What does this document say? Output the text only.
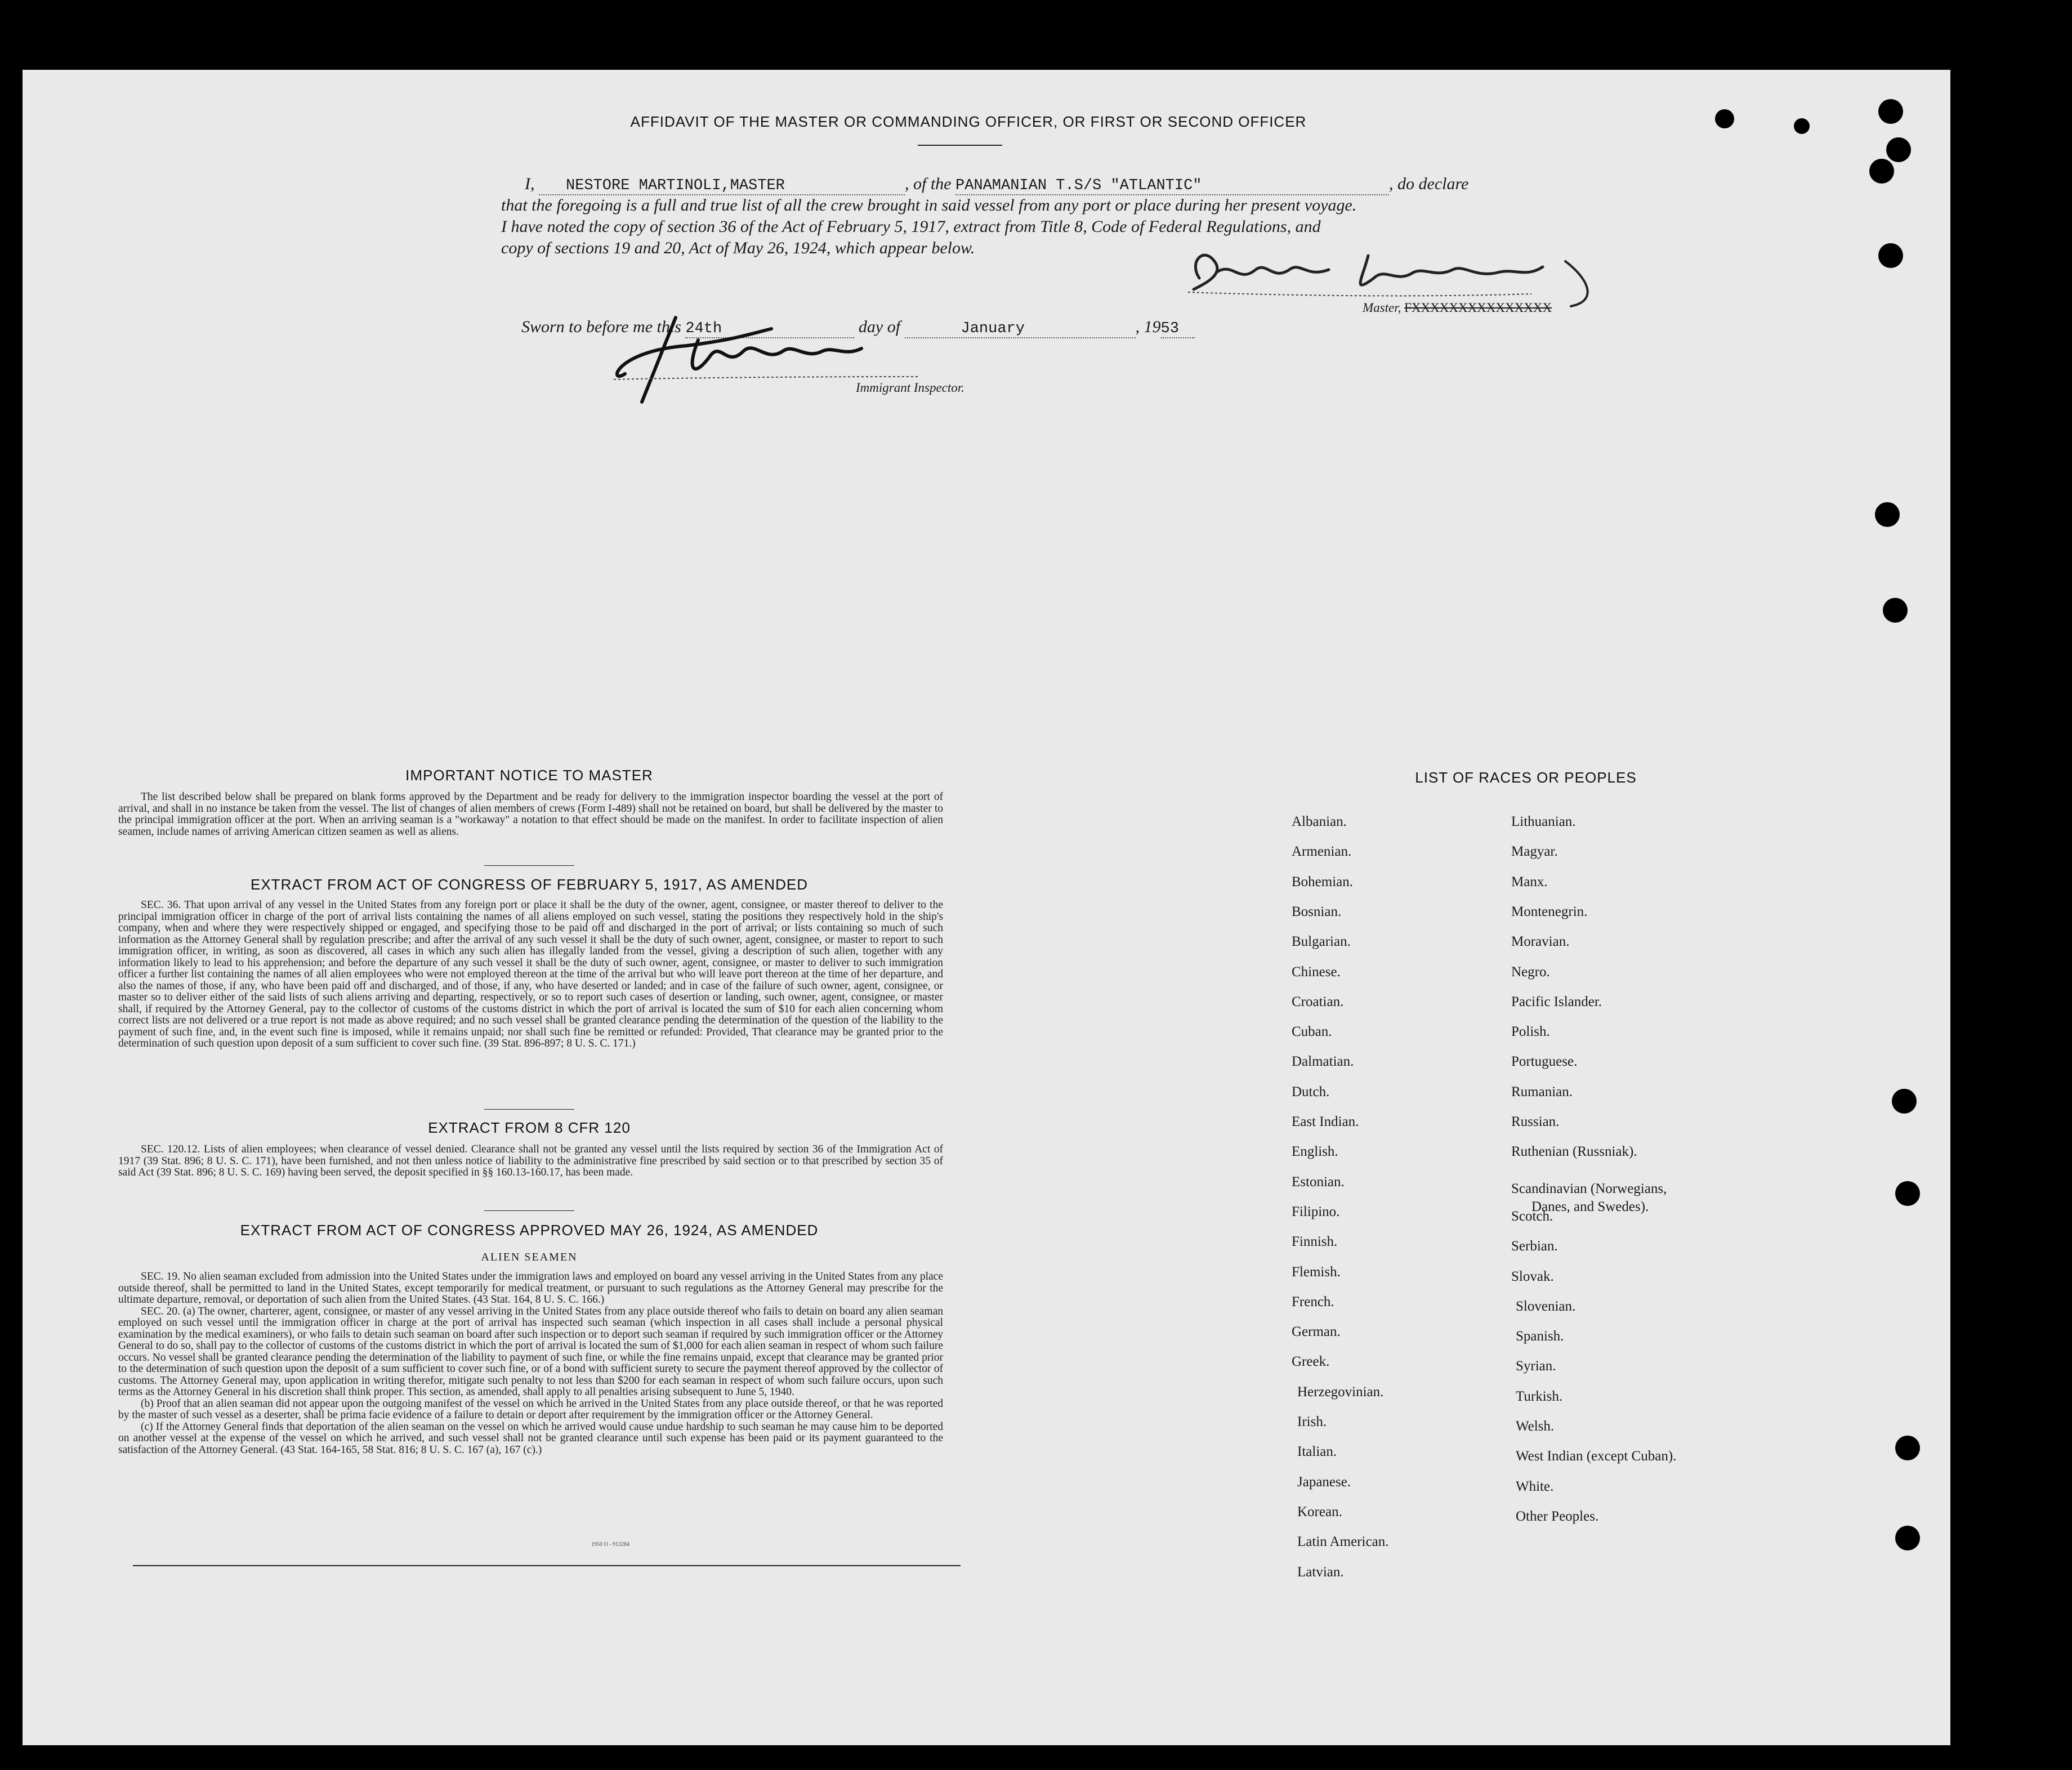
AFFIDAVIT OF THE MASTER OR COMMANDING OFFICER, OR FIRST OR SECOND OFFICER
I, NESTORE MARTINOLI,MASTER	, of the PANAMANIAN T.S/S "ATLANTIC"	, do declare
that the foregoing is a full and true list of all the crew brought in said vessel from any port or place during her present voyage.
I have noted the copy of section 36 of the Act of February 5, 1917, extract from Title 8, Code of Federal Regulations, and
copy of sections 19 and 20, Act of May 26, 1924, which appear below.
Master, FXXXXXXXXXXXXXXX
Sworn to before me this 24th	day of	January	, 1953
Immigrant Inspector.
IMPORTANT NOTICE TO MASTER
The list described below shall be prepared on blank forms approved by the Department and be ready for delivery to the immigration inspector boarding the vessel at the port of arrival, and shall in no instance be taken from the vessel. The list of changes of alien members of crews (Form I-489) shall not be retained on board, but shall be delivered by the master to the principal immigration officer at the port. When an arriving seaman is a "workaway" a notation to that effect should be made on the manifest. In order to facilitate inspection of alien seamen, include names of arriving American citizen seamen as well as aliens.
EXTRACT FROM ACT OF CONGRESS OF FEBRUARY 5, 1917, AS AMENDED
SEC. 36. That upon arrival of any vessel in the United States from any foreign port or place it shall be the duty of the owner, agent, consignee, or master thereof to deliver to the principal immigration officer in charge of the port of arrival lists containing the names of all aliens employed on such vessel, stating the positions they respectively hold in the ship's company, when and where they were respectively shipped or engaged, and specifying those to be paid off and discharged in the port of arrival; or lists containing so much of such information as the Attorney General shall by regulation prescribe; and after the arrival of any such vessel it shall be the duty of such owner, agent, consignee, or master to report to such immigration officer, in writing, as soon as discovered, all cases in which any such alien has illegally landed from the vessel, giving a description of such alien, together with any information likely to lead to his apprehension; and before the departure of any such vessel it shall be the duty of such owner, agent, consignee, or master to deliver to such immigration officer a further list containing the names of all alien employees who were not employed thereon at the time of the arrival but who will leave port thereon at the time of her departure, and also the names of those, if any, who have been paid off and discharged, and of those, if any, who have deserted or landed; and in case of the failure of such owner, agent, consignee, or master so to deliver either of the said lists of such aliens arriving and departing, respectively, or so to report such cases of desertion or landing, such owner, agent, consignee, or master shall, if required by the Attorney General, pay to the collector of customs of the customs district in which the port of arrival is located the sum of $10 for each alien concerning whom correct lists are not delivered or a true report is not made as above required; and no such vessel shall be granted clearance pending the determination of the question of the liability to the payment of such fine, and, in the event such fine is imposed, while it remains unpaid; nor shall such fine be remitted or refunded: Provided, That clearance may be granted prior to the determination of such question upon deposit of a sum sufficient to cover such fine. (39 Stat. 896-897; 8 U. S. C. 171.)
EXTRACT FROM 8 CFR 120
SEC. 120.12. Lists of alien employees; when clearance of vessel denied. Clearance shall not be granted any vessel until the lists required by section 36 of the Immigration Act of 1917 (39 Stat. 896; 8 U. S. C. 171), have been furnished, and not then unless notice of liability to the administrative fine prescribed by said section or to that prescribed by section 35 of said Act (39 Stat. 896; 8 U. S. C. 169) having been served, the deposit specified in §§ 160.13-160.17, has been made.
EXTRACT FROM ACT OF CONGRESS APPROVED MAY 26, 1924, AS AMENDED
ALIEN SEAMEN
SEC. 19. No alien seaman excluded from admission into the United States under the immigration laws and employed on board any vessel arriving in the United States from any place outside thereof, shall be permitted to land in the United States, except temporarily for medical treatment, or pursuant to such regulations as the Attorney General may prescribe for the ultimate departure, removal, or deportation of such alien from the United States. (43 Stat. 164, 8 U. S. C. 166.)
SEC. 20. (a) The owner, charterer, agent, consignee, or master of any vessel arriving in the United States from any place outside thereof who fails to detain on board any alien seaman employed on such vessel until the immigration officer in charge at the port of arrival has inspected such seaman (which inspection in all cases shall include a personal physical examination by the medical examiners), or who fails to detain such seaman on board after such inspection or to deport such seaman if required by such immigration officer or the Attorney General to do so, shall pay to the collector of customs of the customs district in which the port of arrival is located the sum of $1,000 for each alien seaman in respect of whom such failure occurs. No vessel shall be granted clearance pending the determination of the liability to payment of such fine, or while the fine remains unpaid, except that clearance may be granted prior to the determination of such question upon the deposit of a sum sufficient to cover such fine, or of a bond with sufficient surety to secure the payment thereof approved by the collector of customs. The Attorney General may, upon application in writing therefor, mitigate such penalty to not less than $200 for each seaman in respect of whom such failure occurs, upon such terms as the Attorney General in his discretion shall think proper. This section, as amended, shall apply to all penalties arising subsequent to June 5, 1940.
(b) Proof that an alien seaman did not appear upon the outgoing manifest of the vessel on which he arrived in the United States from any place outside thereof, or that he was reported by the master of such vessel as a deserter, shall be prima facie evidence of a failure to detain or deport after requirement by the immigration officer or the Attorney General.
(c) If the Attorney General finds that deportation of the alien seaman on the vessel on which he arrived would cause undue hardship to such seaman he may cause him to be deported on another vessel at the expense of the vessel on which he arrived, and such vessel shall not be granted clearance until such expense has been paid or its payment guaranteed to the satisfaction of the Attorney General. (43 Stat. 164-165, 58 Stat. 816; 8 U. S. C. 167 (a), 167 (c).)
1950 O - 913284
LIST OF RACES OR PEOPLES
Albanian.
Armenian.
Bohemian.
Bosnian.
Bulgarian.
Chinese.
Croatian.
Cuban.
Dalmatian.
Dutch.
East Indian.
English.
Estonian.
Filipino.
Finnish.
Flemish.
French.
German.
Greek.
Herzegovinian.
Irish.
Italian.
Japanese.
Korean.
Latin American.
Latvian.
Lithuanian.
Magyar.
Manx.
Montenegrin.
Moravian.
Negro.
Pacific Islander.
Polish.
Portuguese.
Rumanian.
Russian.
Ruthenian (Russniak).
Scandinavian (Norwegians,
Danes, and Swedes).
Scotch.
Serbian.
Slovak.
Slovenian.
Spanish.
Syrian.
Turkish.
Welsh.
West Indian (except Cuban).
White.
Other Peoples.
